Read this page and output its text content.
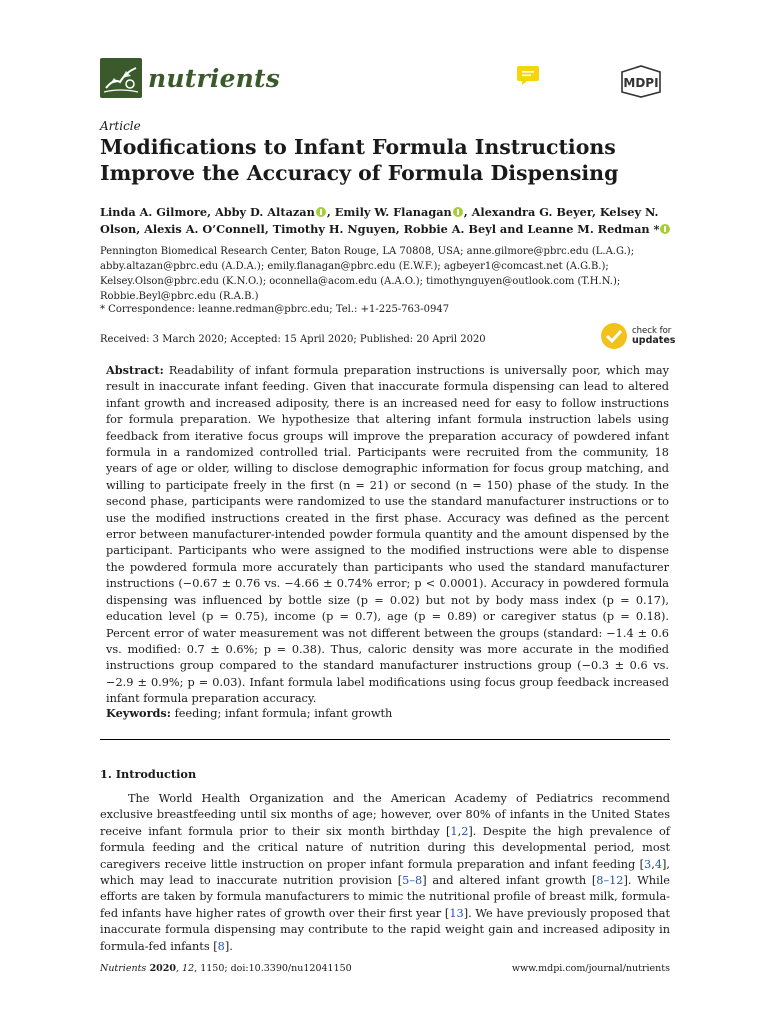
nutrients	MDPI
Article
Modifications to Infant Formula Instructions Improve the Accuracy of Formula Dispensing
Linda A. Gilmore, Abby D. Altazan , Emily W. Flanagan , Alexandra G. Beyer, Kelsey N. Olson, Alexis A. O’Connell, Timothy H. Nguyen, Robbie A. Beyl and Leanne M. Redman *
Pennington Biomedical Research Center, Baton Rouge, LA 70808, USA; anne.gilmore@pbrc.edu (L.A.G.); abby.altazan@pbrc.edu (A.D.A.); emily.flanagan@pbrc.edu (E.W.F.); agbeyer1@comcast.net (A.G.B.); Kelsey.Olson@pbrc.edu (K.N.O.); oconnella@acom.edu (A.A.O.); timothynguyen@outlook.com (T.H.N.); Robbie.Beyl@pbrc.edu (R.A.B.)
* Correspondence: leanne.redman@pbrc.edu; Tel.: +1-225-763-0947
Received: 3 March 2020; Accepted: 15 April 2020; Published: 20 April 2020
check for
updates
Abstract: Readability of infant formula preparation instructions is universally poor, which may result in inaccurate infant feeding. Given that inaccurate formula dispensing can lead to altered infant growth and increased adiposity, there is an increased need for easy to follow instructions for formula preparation. We hypothesize that altering infant formula instruction labels using feedback from iterative focus groups will improve the preparation accuracy of powdered infant formula in a randomized controlled trial. Participants were recruited from the community, 18 years of age or older, willing to disclose demographic information for focus group matching, and willing to participate freely in the first (n = 21) or second (n = 150) phase of the study. In the second phase, participants were randomized to use the standard manufacturer instructions or to use the modified instructions created in the first phase. Accuracy was defined as the percent error between manufacturer-intended powder formula quantity and the amount dispensed by the participant. Participants who were assigned to the modified instructions were able to dispense the powdered formula more accurately than participants who used the standard manufacturer instructions (−0.67 ± 0.76 vs. −4.66 ± 0.74% error; p < 0.0001). Accuracy in powdered formula dispensing was influenced by bottle size (p = 0.02) but not by body mass index (p = 0.17), education level (p = 0.75), income (p = 0.7), age (p = 0.89) or caregiver status (p = 0.18). Percent error of water measurement was not different between the groups (standard: −1.4 ± 0.6 vs. modified: 0.7 ± 0.6%; p = 0.38). Thus, caloric density was more accurate in the modified instructions group compared to the standard manufacturer instructions group (−0.3 ± 0.6 vs.−2.9 ± 0.9%; p = 0.03). Infant formula label modifications using focus group feedback increased infant formula preparation accuracy.
Keywords: feeding; infant formula; infant growth
1. Introduction
The World Health Organization and the American Academy of Pediatrics recommend exclusive breastfeeding until six months of age; however, over 80% of infants in the United States receive infant formula prior to their six month birthday [1,2]. Despite the high prevalence of formula feeding and the critical nature of nutrition during this developmental period, most caregivers receive little instruction on proper infant formula preparation and infant feeding [3,4], which may lead to inaccurate nutrition provision [5–8] and altered infant growth [8–12]. While efforts are taken by formula manufacturers to mimic the nutritional profile of breast milk, formula-fed infants have higher rates of growth over their first year [13]. We have previously proposed that inaccurate formula dispensing may contribute to the rapid weight gain and increased adiposity in formula-fed infants [8].
Nutrients 2020, 12, 1150; doi:10.3390/nu12041150	www.mdpi.com/journal/nutrients
